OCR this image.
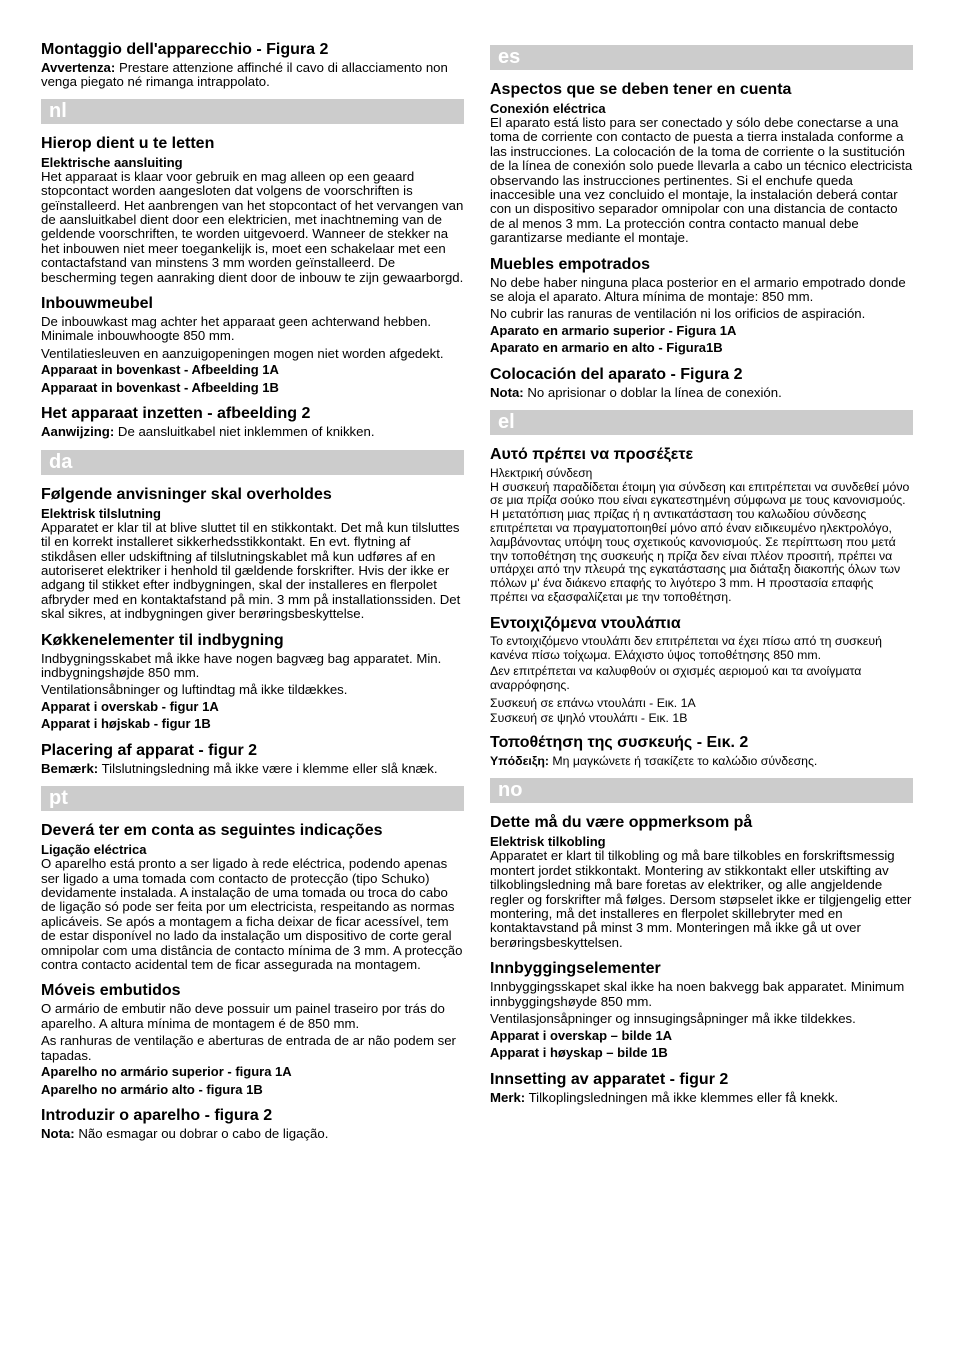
Montaggio dell'apparecchio - Figura 2

Avvertenza: Prestare attenzione affinché il cavo di allacciamento non venga piegato né rimanga intrappolato.

nl
Hierop dient u te letten
Elektrische aansluiting

Het apparaat is klaar voor gebruik en mag alleen op een geaard stopcontact worden aangesloten dat volgens de voorschriften is geïnstalleerd. Het aanbrengen van het stopcontact of het vervangen van de aansluitkabel dient door een elektricien, met inachtneming van de geldende voorschriften, te worden uitgevoerd. Wanneer de stekker na het inbouwen niet meer toegankelijk is, moet een schakelaar met een contactafstand van minstens 3 mm worden geïnstalleerd. De bescherming tegen aanraking dient door de inbouw te zijn gewaarborgd.

Inbouwmeubel

De inbouwkast mag achter het apparaat geen achterwand hebben. Minimale inbouwhoogte 850 mm.

Ventilatiesleuven en aanzuigopeningen mogen niet worden afgedekt.

Apparaat in bovenkast - Afbeelding 1A
Apparaat in bovenkast - Afbeelding 1B
Het apparaat inzetten - afbeelding 2

Aanwijzing: De aansluitkabel niet inklemmen of knikken.

da
Følgende anvisninger skal overholdes
Elektrisk tilslutning

Apparatet er klar til at blive sluttet til en stikkontakt. Det må kun tilsluttes til en korrekt installeret sikkerhedsstikkontakt. En evt. flytning af stikdåsen eller udskiftning af tilslutningskablet må kun udføres af en autoriseret elektriker i henhold til gældende forskrifter. Hvis der ikke er adgang til stikket efter indbygningen, skal der installeres en flerpolet afbryder med en kontaktafstand på min. 3 mm på installationssiden. Det skal sikres, at indbygningen giver berøringsbeskyttelse.

Køkkenelementer til indbygning

Indbygningsskabet må ikke have nogen bagvæg bag apparatet. Min. indbygningshøjde 850 mm.

Ventilationsåbninger og luftindtag må ikke tildækkes.

Apparat i overskab - figur 1A
Apparat i højskab - figur 1B
Placering af apparat - figur 2

Bemærk: Tilslutningsledning må ikke være i klemme eller slå knæk.

pt
Deverá ter em conta as seguintes indicações
Ligação eléctrica

O aparelho está pronto a ser ligado à rede eléctrica, podendo apenas ser ligado a uma tomada com contacto de protecção (tipo Schuko) devidamente instalada. A instalação de uma tomada ou troca do cabo de ligação só pode ser feita por um electricista, respeitando as normas aplicáveis. Se após a montagem a ficha deixar de ficar acessível, tem de estar disponível no lado da instalação um dispositivo de corte geral omnipolar com uma distância de contacto mínima de 3 mm. A protecção contra contacto acidental tem de ficar assegurada na montagem.

Móveis embutidos

O armário de embutir não deve possuir um painel traseiro por trás do aparelho. A altura mínima de montagem é de 850 mm.

As ranhuras de ventilação e aberturas de entrada de ar não podem ser tapadas.

Aparelho no armário superior - figura 1A
Aparelho no armário alto - figura 1B
Introduzir o aparelho - figura 2

Nota: Não esmagar ou dobrar o cabo de ligação.

es
Aspectos que se deben tener en cuenta
Conexión eléctrica

El aparato está listo para ser conectado y sólo debe conectarse a una toma de corriente con contacto de puesta a tierra instalada conforme a las instrucciones. La colocación de la toma de corriente o la sustitución de la línea de conexión solo puede llevarla a cabo un técnico electricista observando las instrucciones pertinentes. Si el enchufe queda inaccesible una vez concluido el montaje, la instalación deberá contar con un dispositivo separador omnipolar con una distancia de contacto de al menos 3 mm. La protección contra contacto manual debe garantizarse mediante el montaje.

Muebles empotrados

No debe haber ninguna placa posterior en el armario empotrado donde se aloja el aparato. Altura mínima de montaje: 850 mm.

No cubrir las ranuras de ventilación ni los orificios de aspiración.

Aparato en armario superior - Figura 1A
Aparato en armario en alto - Figura1B
Colocación del aparato - Figura 2

Nota: No aprisionar o doblar la línea de conexión.

el
Αυτό πρέπει να προσέξετε

Ηλεκτρική σύνδεση

Η συσκευή παραδίδεται έτοιμη για σύνδεση και επιτρέπεται να συνδεθεί μόνο σε μια πρίζα σούκο που είναι εγκατεστημένη σύμφωνα με τους κανονισμούς. Η μετατόπιση μιας πρίζας ή η αντικατάσταση του καλωδίου σύνδεσης επιτρέπεται να πραγματοποιηθεί μόνο από έναν ειδικευμένο ηλεκτρολόγο, λαμβάνοντας υπόψη τους σχετικούς κανονισμούς. Σε περίπτωση που μετά την τοποθέτηση της συσκευής η πρίζα δεν είναι πλέον προσιτή, πρέπει να υπάρχει από την πλευρά της εγκατάστασης μια διάταξη διακοπής όλων των πόλων μ' ένα διάκενο επαφής το λιγότερο 3 mm. Η προστασία επαφής πρέπει να εξασφαλίζεται με την τοποθέτηση.

Εντοιχιζόμενα ντουλάπια

Το εντοιχιζόμενο ντουλάπι δεν επιτρέπεται να έχει πίσω από τη συσκευή κανένα πίσω τοίχωμα. Ελάχιστο ύψος τοποθέτησης 850 mm.

Δεν επιτρέπεται να καλυφθούν οι σχισμές αεριομού και τα ανοίγματα αναρρόφησης.

Συσκευή σε επάνω ντουλάπι - Εικ. 1A

Συσκευή σε ψηλό ντουλάπι - Εικ. 1B

Τοποθέτηση της συσκευής - Εικ. 2

Υπόδειξη: Μη μαγκώνετε ή τσακίζετε το καλώδιο σύνδεσης.

no
Dette må du være oppmerksom på
Elektrisk tilkobling

Apparatet er klart til tilkobling og må bare tilkobles en forskriftsmessig montert jordet stikkontakt. Montering av stikkontakt eller utskifting av tilkoblingsledning må bare foretas av elektriker, og alle angjeldende regler og forskrifter må følges. Dersom støpselet ikke er tilgjengelig etter montering, må det installeres en flerpolet skillebryter med en kontaktavstand på minst 3 mm. Monteringen må ikke gå ut over berøringsbeskyttelsen.

Innbyggingselementer

Innbyggingsskapet skal ikke ha noen bakvegg bak apparatet. Minimum innbyggingshøyde 850 mm.

Ventilasjonsåpninger og innsugingsåpninger må ikke tildekkes.

Apparat i overskap – bilde 1A
Apparat i høyskap – bilde 1B
Innsetting av apparatet - figur 2

Merk: Tilkoplingsledningen må ikke klemmes eller få knekk.
